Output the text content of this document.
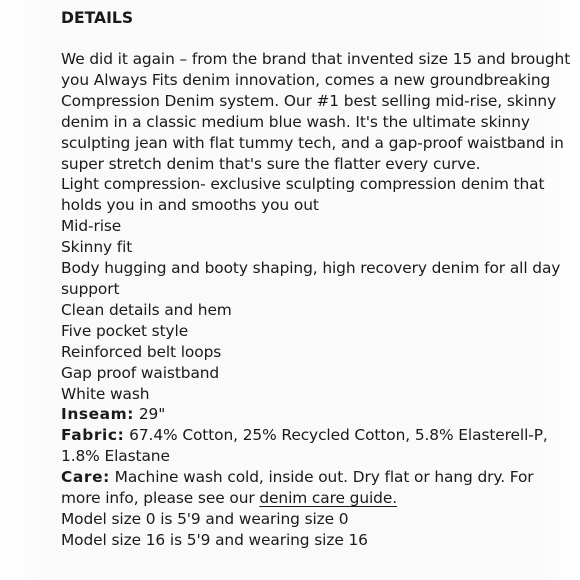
DETAILS

We did it again – from the brand that invented size 15 and brought you Always Fits denim innovation, comes a new groundbreaking Compression Denim system. Our #1 best selling mid-rise, skinny denim in a classic medium blue wash. It's the ultimate skinny sculpting jean with flat tummy tech, and a gap-proof waistband in super stretch denim that's sure the flatter every curve.

Light compression- exclusive sculpting compression denim that holds you in and smooths you out

Mid-rise

Skinny fit

Body hugging and booty shaping, high recovery denim for all day support

Clean details and hem

Five pocket style

Reinforced belt loops

Gap proof waistband

White wash

Inseam: 29"

Fabric: 67.4% Cotton, 25% Recycled Cotton, 5.8% Elasterell-P, 1.8% Elastane

Care: Machine wash cold, inside out. Dry flat or hang dry. For more info, please see our denim care guide.

Model size 0 is 5'9 and wearing size 0

Model size 16 is 5'9 and wearing size 16
